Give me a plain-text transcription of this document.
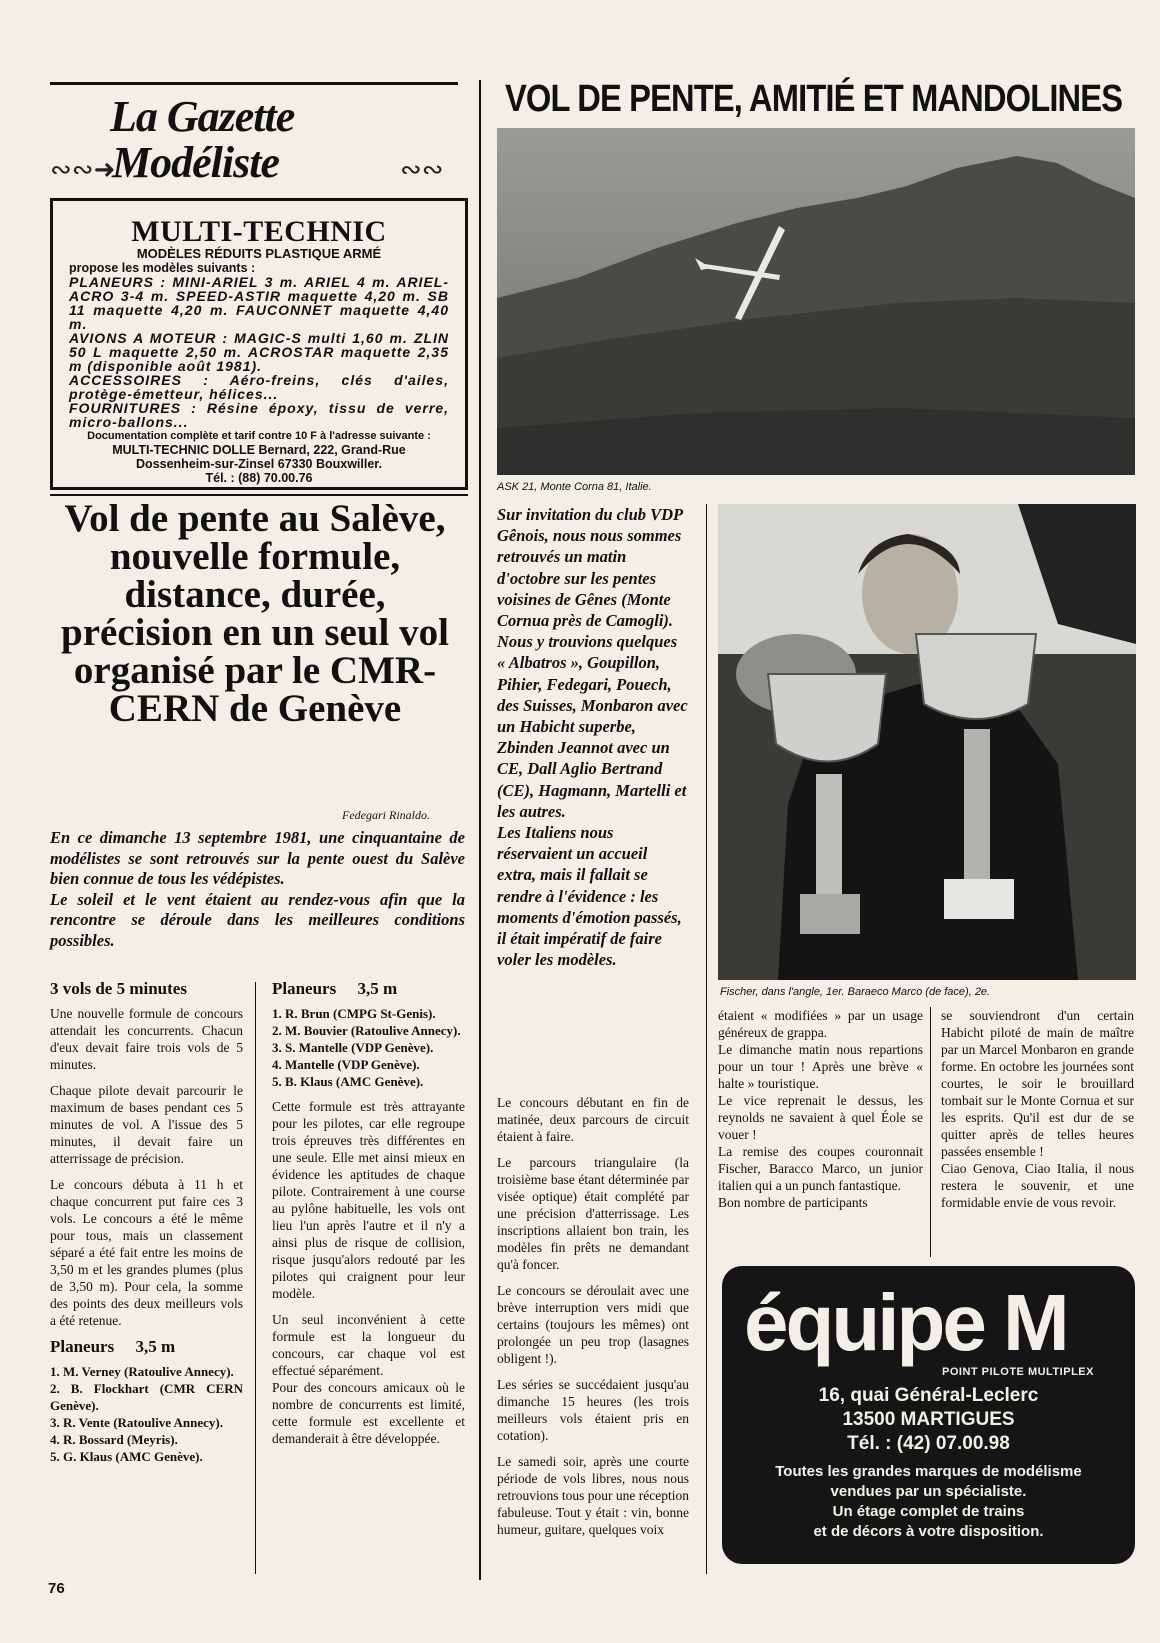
La Gazette
∾∾➜
Modéliste	∾∾
MULTI-TECHNIC
MODÈLES RÉDUITS PLASTIQUE ARMÉ

propose les modèles suivants :

PLANEURS : MINI-ARIEL 3 m. ARIEL 4 m. ARIEL-ACRO 3-4 m. SPEED-ASTIR maquette 4,20 m. SB 11 maquette 4,20 m. FAUCONNET maquette 4,40 m.

AVIONS A MOTEUR : MAGIC-S multi 1,60 m. ZLIN 50 L maquette 2,50 m. ACROSTAR maquette 2,35 m (disponible août 1981).

ACCESSOIRES : Aéro-freins, clés d'ailes, protège-émetteur, hélices...

FOURNITURES : Résine époxy, tissu de verre, micro-ballons...

Documentation complète et tarif contre 10 F à l'adresse suivante :

MULTI-TECHNIC DOLLE Bernard, 222, Grand-Rue

Dossenheim-sur-Zinsel 67330 Bouxwiller.

Tél. : (88) 70.00.76

Vol de pente au Salève, nouvelle formule, distance, durée, précision en un seul vol organisé par le CMR-CERN de Genève
Fedegari Rinaldo.
En ce dimanche 13 septembre 1981, une cinquantaine de modélistes se sont retrouvés sur la pente ouest du Salève bien connue de tous les védépistes.
Le soleil et le vent étaient au rendez-vous afin que la rencontre se déroule dans les meilleures conditions possibles.
3 vols de 5 minutes

Une nouvelle formule de concours attendait les concurrents. Chacun d'eux devait faire trois vols de 5 minutes.

Chaque pilote devait parcourir le maximum de bases pendant ces 5 minutes de vol. A l'issue des 5 minutes, il devait faire un atterrissage de précision.

Le concours débuta à 11 h et chaque concurrent put faire ces 3 vols. Le concours a été le même pour tous, mais un classement séparé a été fait entre les moins de 3,50 m et les grandes plumes (plus de 3,50 m). Pour cela, la somme des points des deux meilleurs vols a été retenue.

Planeurs     3,5 m

1. M. Verney (Ratoulive Annecy).

2. B. Flockhart (CMR CERN Genève).

3. R. Vente (Ratoulive Annecy).

4. R. Bossard (Meyris).

5. G. Klaus (AMC Genève).

Planeurs     3,5 m

1. R. Brun (CMPG St-Genis).

2. M. Bouvier (Ratoulive Annecy).

3. S. Mantelle (VDP Genève).

4. Mantelle (VDP Genève).

5. B. Klaus (AMC Genève).

Cette formule est très attrayante pour les pilotes, car elle regroupe trois épreuves très différentes en une seule. Elle met ainsi mieux en évidence les aptitudes de chaque pilote. Contrairement à une course au pylône habituelle, les vols ont lieu l'un après l'autre et il n'y a ainsi plus de risque de collision, risque jusqu'alors redouté par les pilotes qui craignent pour leur modèle.

Un seul inconvénient à cette formule est la longueur du concours, car chaque vol est effectué séparément.

Pour des concours amicaux où le nombre de concurrents est limité, cette formule est excellente et demanderait à être développée.

VOL DE PENTE, AMITIÉ ET MANDOLINES
ASK 21, Monte Corna 81, Italie.
Sur invitation du club VDP Gênois, nous nous sommes retrouvés un matin d'octobre sur les pentes voisines de Gênes (Monte Cornua près de Camogli).
Nous y trouvions quelques « Albatros », Goupillon, Pihier, Fedegari, Pouech, des Suisses, Monbaron avec un Habicht superbe, Zbinden Jeannot avec un CE, Dall Aglio Bertrand (CE), Hagmann, Martelli et les autres.
Les Italiens nous réservaient un accueil extra, mais il fallait se rendre à l'évidence : les moments d'émotion passés, il était impératif de faire voler les modèles.
Fischer, dans l'angle, 1er. Baraeco Marco (de face), 2e.

Le concours débutant en fin de matinée, deux parcours de circuit étaient à faire.

Le parcours triangulaire (la troisième base étant déterminée par visée optique) était complété par une précision d'atterrissage. Les inscriptions allaient bon train, les modèles fin prêts ne demandant qu'à foncer.

Le concours se déroulait avec une brève interruption vers midi que certains (toujours les mêmes) ont prolongée un peu trop (lasagnes obligent !).

Les séries se succédaient jusqu'au dimanche 15 heures (les trois meilleurs vols étaient pris en cotation).

Le samedi soir, après une courte période de vols libres, nous nous retrouvions tous pour une réception fabuleuse. Tout y était : vin, bonne humeur, guitare, quelques voix

étaient « modifiées » par un usage généreux de grappa.

Le dimanche matin nous repartions pour un tour ! Après une brève « halte » touristique.

Le vice reprenait le dessus, les reynolds ne savaient à quel Éole se vouer !

La remise des coupes couronnait Fischer, Baracco Marco, un junior italien qui a un punch fantastique.

Bon nombre de participants

se souviendront d'un certain Habicht piloté de main de maître par un Marcel Monbaron en grande forme. En octobre les journées sont courtes, le soir le brouillard tombait sur le Monte Cornua et sur les esprits. Qu'il est dur de se quitter après de telles heures passées ensemble !

Ciao Genova, Ciao Italia, il nous restera le souvenir, et une formidable envie de vous revoir.

équipe M
POINT PILOTE MULTIPLEX
16, quai Général-Leclerc
13500 MARTIGUES
Tél. : (42) 07.00.98
Toutes les grandes marques de modélisme
vendues par un spécialiste.
Un étage complet de trains
et de décors à votre disposition.
76
